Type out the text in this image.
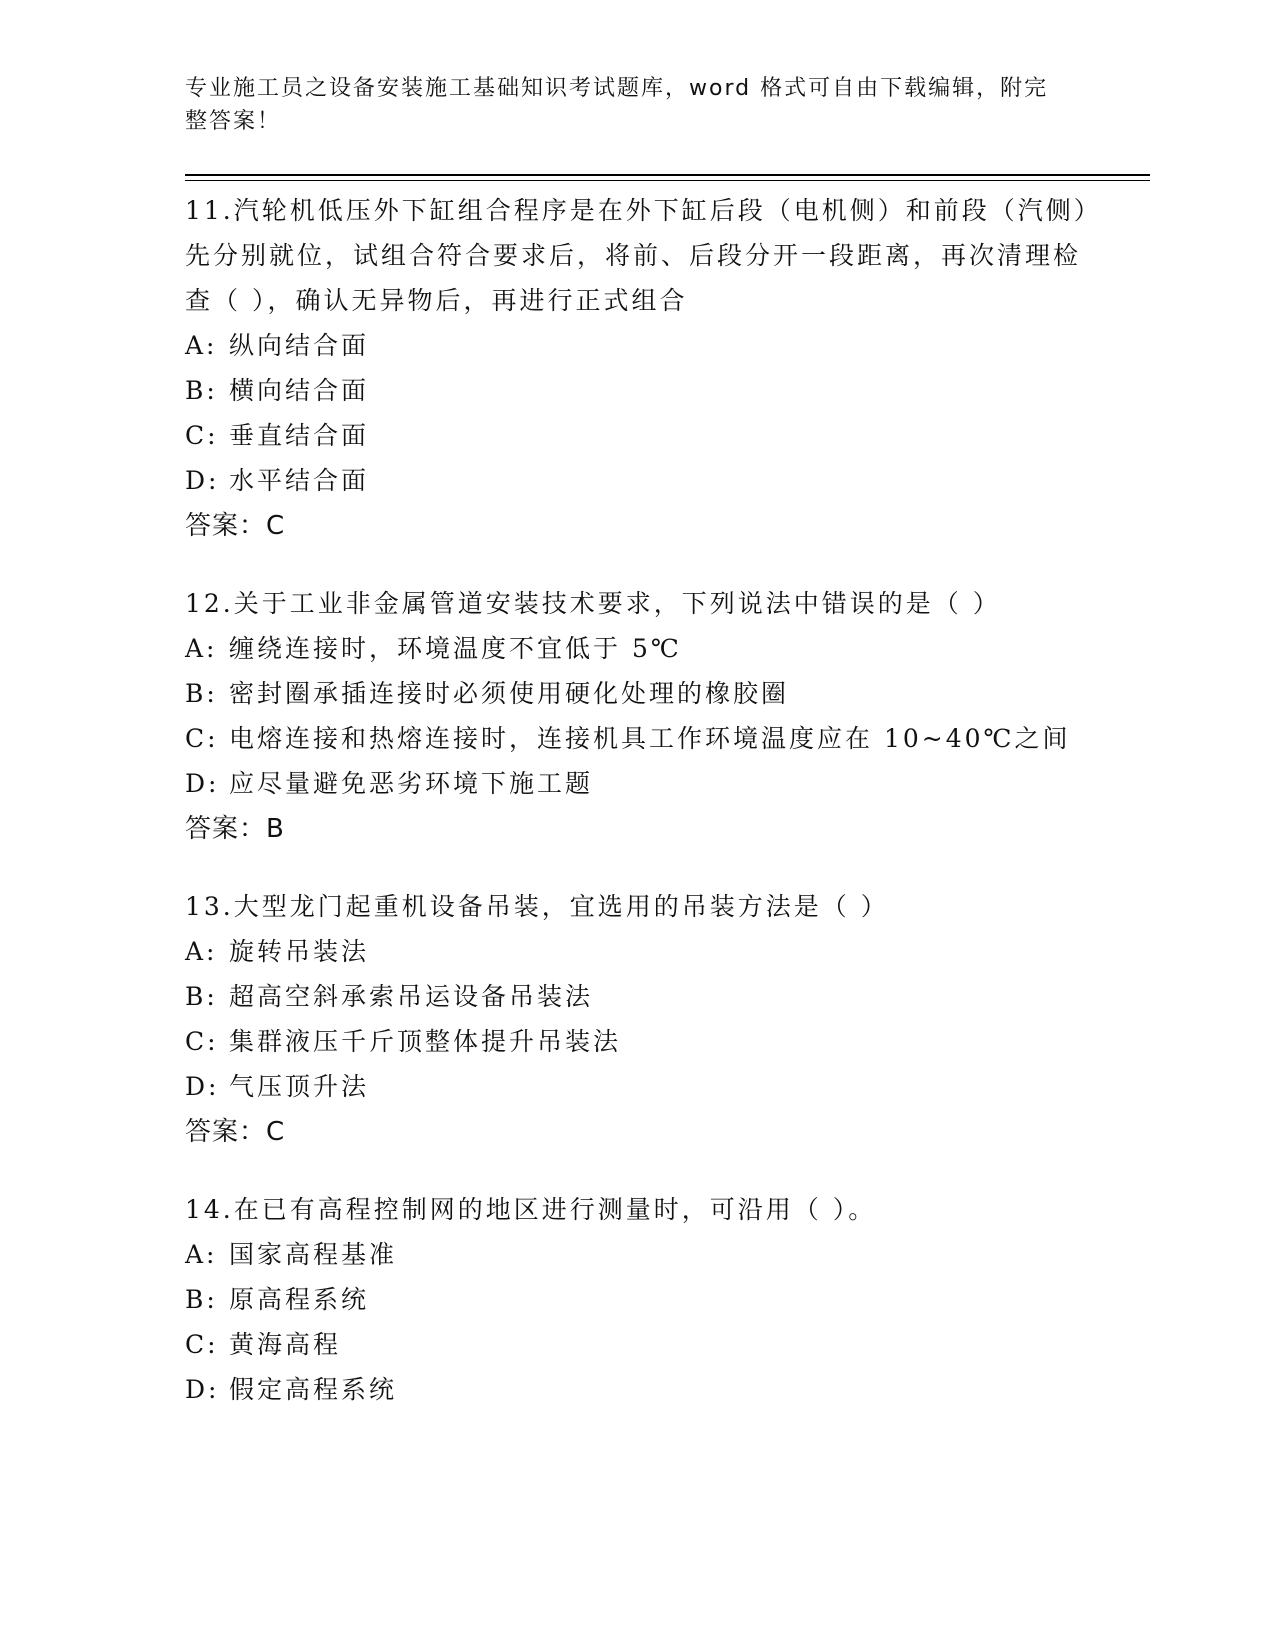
专业施工员之设备安装施工基础知识考试题库，word 格式可自由下载编辑，附完
整答案！

11.汽轮机低压外下缸组合程序是在外下缸后段（电机侧）和前段（汽侧）先分别就位，试组合符合要求后，将前、后段分开一段距离，再次清理检查（ ），确认无异物后，再进行正式组合

A: 纵向结合面

B: 横向结合面

C: 垂直结合面

D: 水平结合面

答案：C

12.关于工业非金属管道安装技术要求，下列说法中错误的是（ ）

A: 缠绕连接时，环境温度不宜低于 5℃

B: 密封圈承插连接时必须使用硬化处理的橡胶圈

C: 电熔连接和热熔连接时，连接机具工作环境温度应在 10~40℃之间

D: 应尽量避免恶劣环境下施工题

答案：B

13.大型龙门起重机设备吊装，宜选用的吊装方法是（ ）

A: 旋转吊装法

B: 超高空斜承索吊运设备吊装法

C: 集群液压千斤顶整体提升吊装法

D: 气压顶升法

答案：C

14.在已有高程控制网的地区进行测量时，可沿用（ ）。

A: 国家高程基准

B: 原高程系统

C: 黄海高程

D: 假定高程系统
